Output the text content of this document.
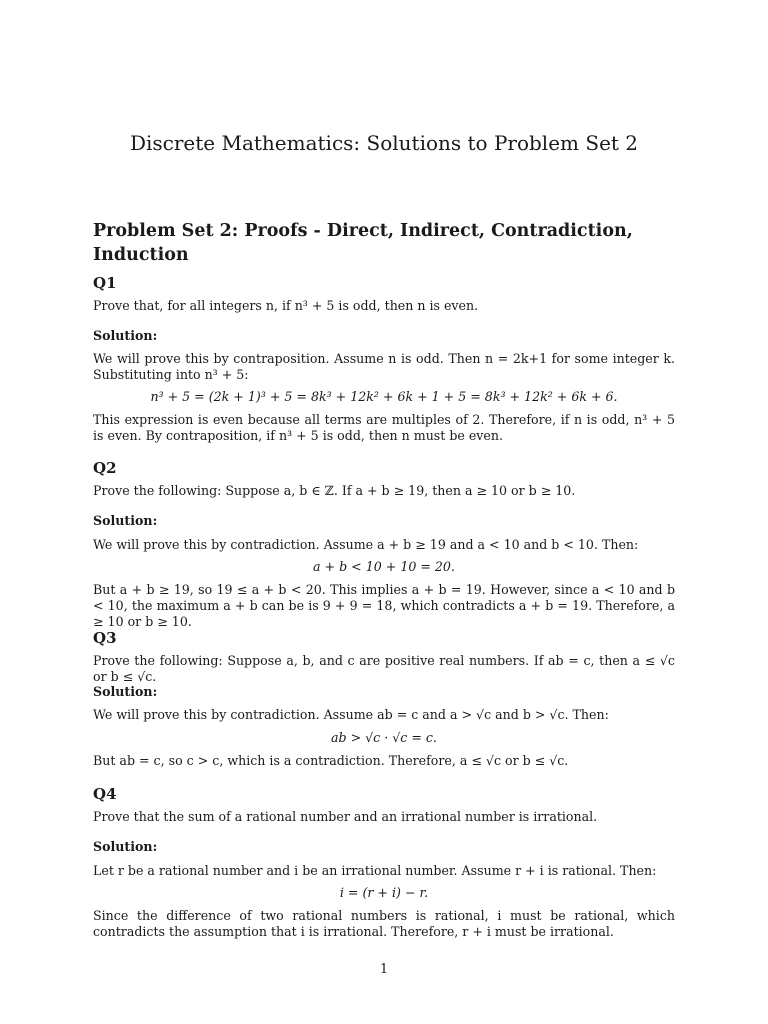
Discrete Mathematics: Solutions to Problem Set 2
Problem Set 2: Proofs - Direct, Indirect, Contradiction, Induction
Q1
Prove that, for all integers n, if n³ + 5 is odd, then n is even.
Solution:
We will prove this by contraposition. Assume n is odd. Then n = 2k+1 for some integer k. Substituting into n³ + 5:
n³ + 5 = (2k + 1)³ + 5 = 8k³ + 12k² + 6k + 1 + 5 = 8k³ + 12k² + 6k + 6.
This expression is even because all terms are multiples of 2. Therefore, if n is odd, n³ + 5 is even. By contraposition, if n³ + 5 is odd, then n must be even.
Q2
Prove the following: Suppose a, b ∈ ℤ. If a + b ≥ 19, then a ≥ 10 or b ≥ 10.
Solution:
We will prove this by contradiction. Assume a + b ≥ 19 and a < 10 and b < 10. Then:
a + b < 10 + 10 = 20.
But a + b ≥ 19, so 19 ≤ a + b < 20. This implies a + b = 19. However, since a < 10 and b < 10, the maximum a + b can be is 9 + 9 = 18, which contradicts a + b = 19. Therefore, a ≥ 10 or b ≥ 10.
Q3
Prove the following: Suppose a, b, and c are positive real numbers. If ab = c, then a ≤ √c or b ≤ √c.
Solution:
We will prove this by contradiction. Assume ab = c and a > √c and b > √c. Then:
ab > √c · √c = c.
But ab = c, so c > c, which is a contradiction. Therefore, a ≤ √c or b ≤ √c.
Q4
Prove that the sum of a rational number and an irrational number is irrational.
Solution:
Let r be a rational number and i be an irrational number. Assume r + i is rational. Then:
i = (r + i) − r.
Since the difference of two rational numbers is rational, i must be rational, which contradicts the assumption that i is irrational. Therefore, r + i must be irrational.
1
